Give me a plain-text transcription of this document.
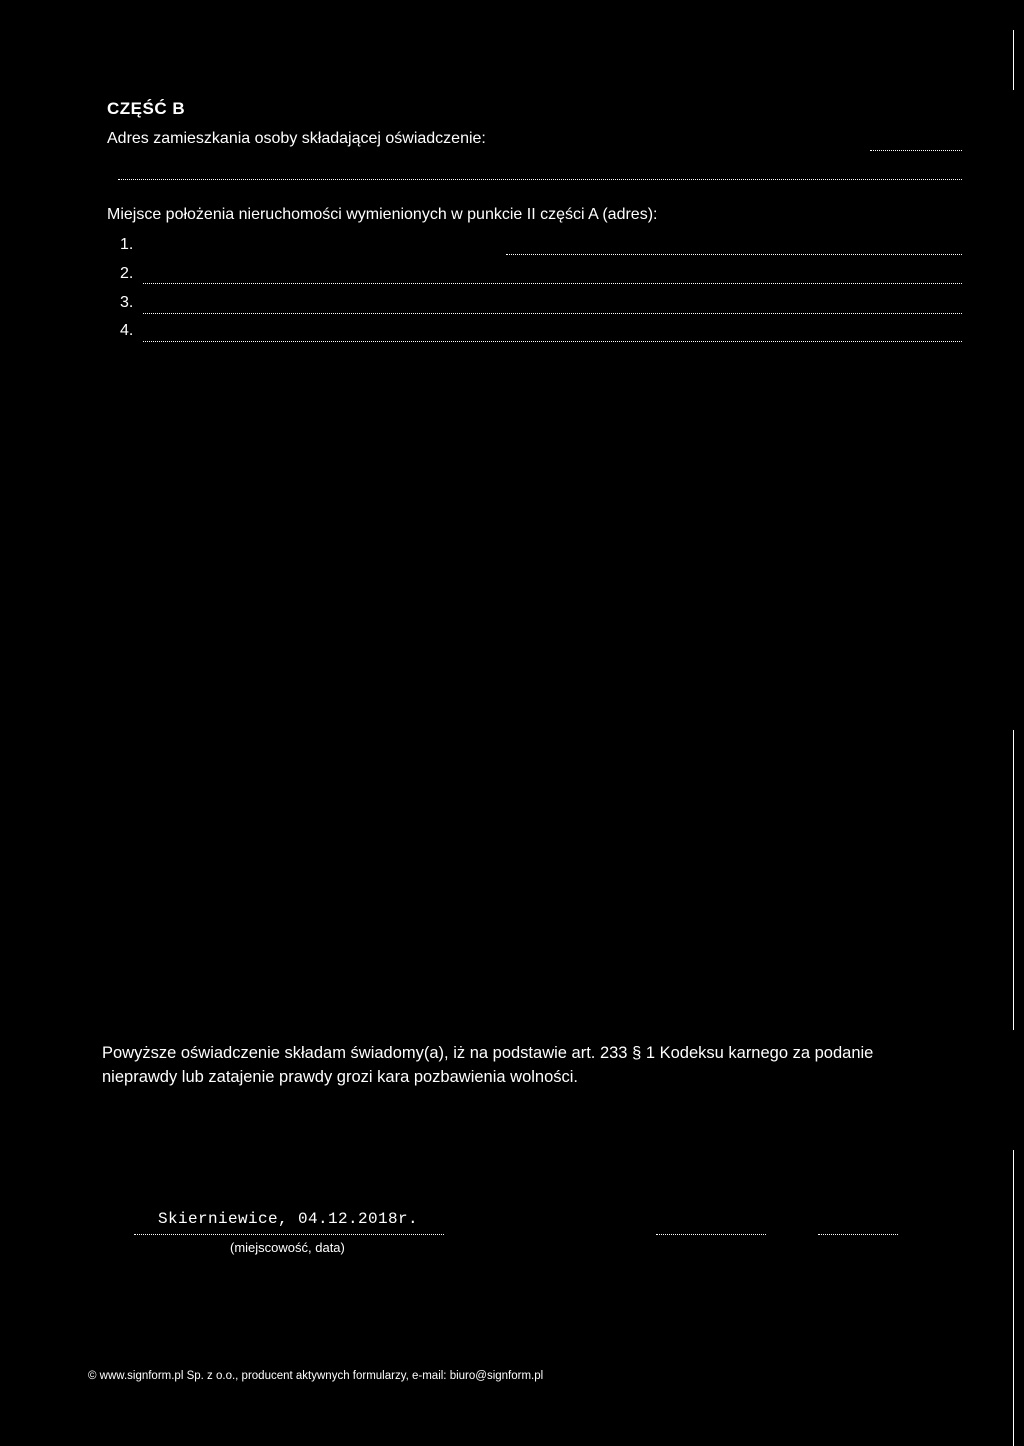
CZĘŚĆ B
Adres zamieszkania osoby składającej oświadczenie:
Miejsce położenia nieruchomości wymienionych w punkcie II części A (adres):
1.
2.
3.
4.
Powyższe oświadczenie składam świadomy(a), iż na podstawie art. 233 § 1 Kodeksu karnego za podanie nieprawdy lub zatajenie prawdy grozi kara pozbawienia wolności.
Skierniewice, 04.12.2018r.
(miejscowość, data)
© www.signform.pl Sp. z o.o., producent aktywnych formularzy, e-mail: biuro@signform.pl
